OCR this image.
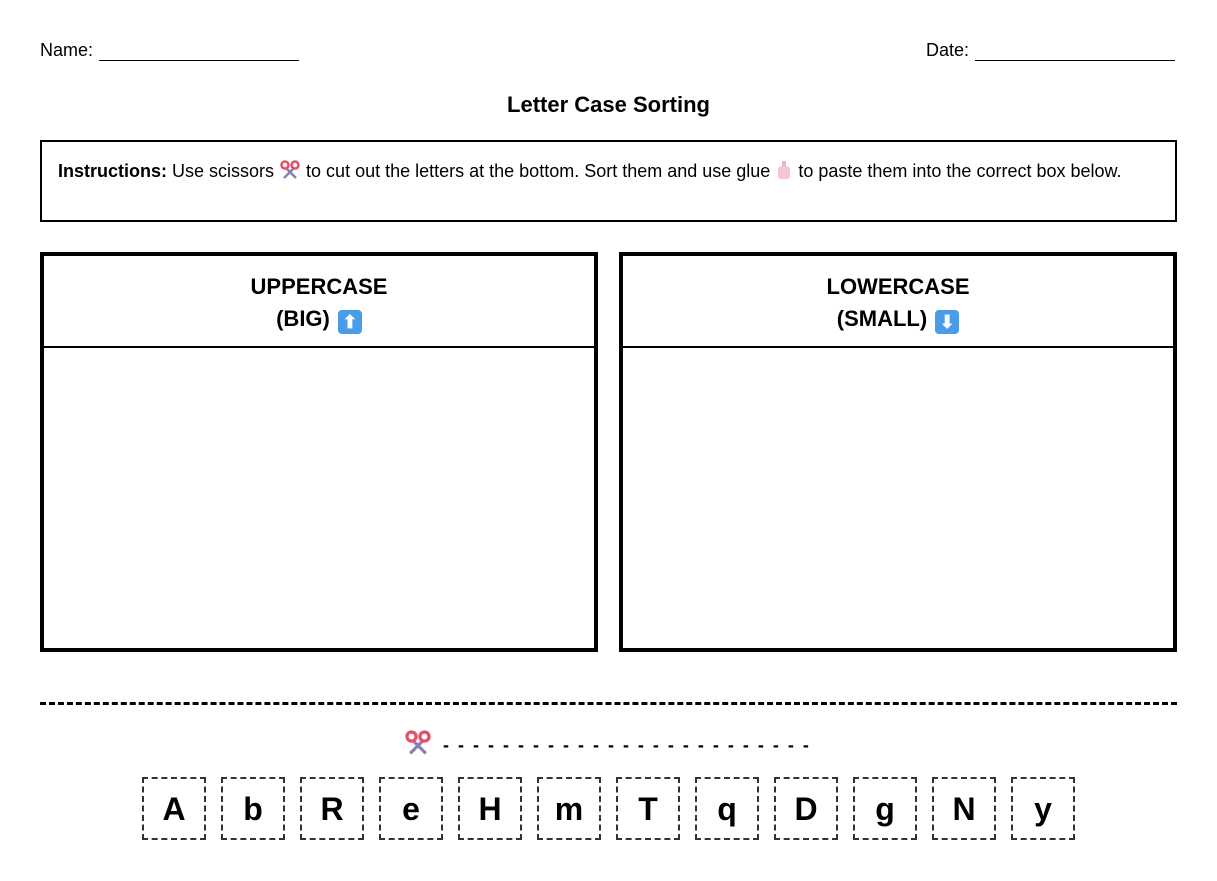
Name:	Date:
Letter Case Sorting
Instructions: Use scissors to cut out the letters at the bottom. Sort them and use glue to paste them into the correct box below.
UPPERCASE
(BIG) ⬆
LOWERCASE
(SMALL) ⬇
- - - - - - - - - - - - - - - - - - - - - - - - -
A	b	R	e	H	m	T	q	D	g	N	y
